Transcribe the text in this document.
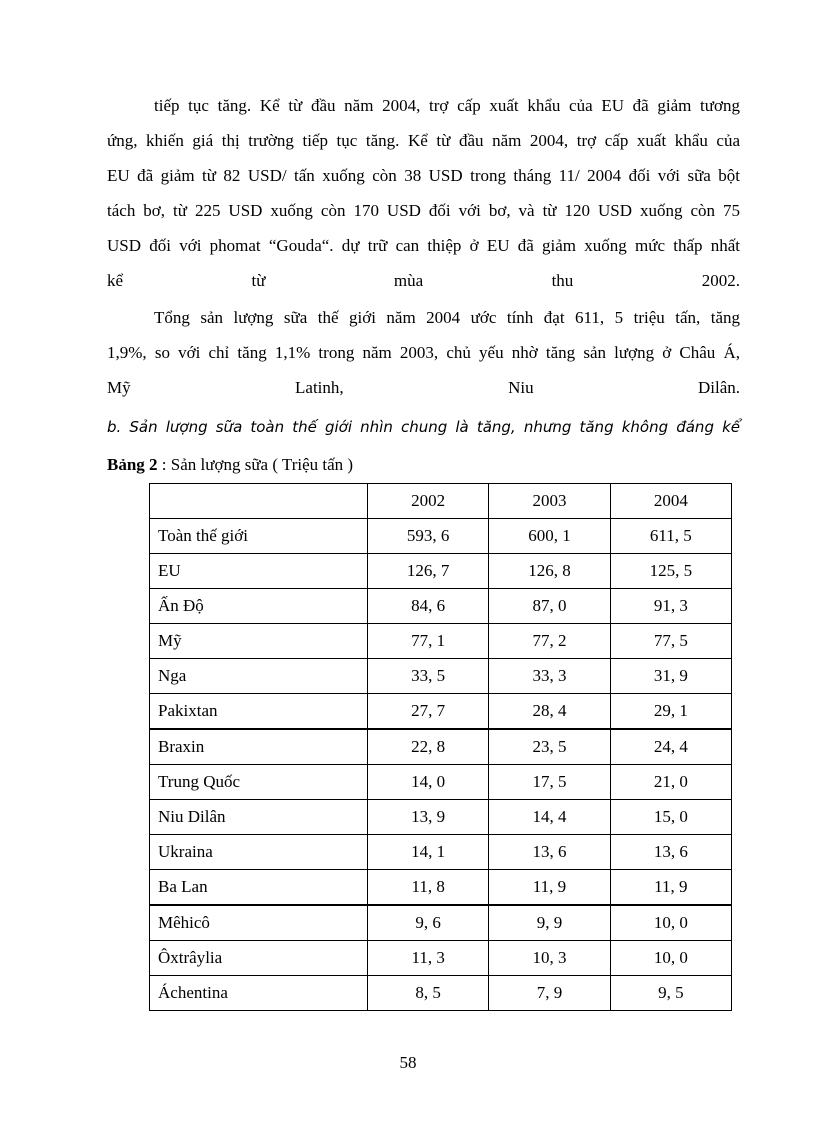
tiếp tục tăng. Kể từ đầu năm 2004, trợ cấp xuất khẩu của EU đã giảm tương
ứng, khiến giá thị trường tiếp tục tăng. Kể từ đầu năm 2004, trợ cấp xuất khẩu của
EU đã giảm từ 82 USD/ tấn xuống còn 38 USD trong tháng 11/ 2004 đối với sữa bột
tách bơ, từ 225 USD xuống còn 170 USD đối với bơ, và từ 120 USD xuống còn 75
USD đối với phomat “Gouda“. dự trữ can thiệp ở EU đã giảm xuống mức thấp nhất
kể từ mùa thu 2002.

Tổng sản lượng sữa thế giới năm 2004 ước tính đạt 611, 5 triệu tấn, tăng
1,9%, so với chỉ tăng 1,1% trong năm 2003, chủ yếu nhờ tăng sản lượng ở Châu Á,
Mỹ Latinh, Niu Dilân.

b. Sản lượng sữa toàn thế giới nhìn chung là tăng, nhưng tăng không đáng kể

Bảng 2 : Sản lượng sữa ( Triệu tấn )

	2002	2003	2004
Toàn thế giới	593, 6	600, 1	611, 5
EU	126, 7	126, 8	125, 5
Ấn Độ	84, 6	87, 0	91, 3
Mỹ	77, 1	77, 2	77, 5
Nga	33, 5	33, 3	31, 9
Pakixtan	27, 7	28, 4	29, 1
Braxin	22, 8	23, 5	24, 4
Trung Quốc	14, 0	17, 5	21, 0
Niu Dilân	13, 9	14, 4	15, 0
Ukraina	14, 1	13, 6	13, 6
Ba Lan	11, 8	11, 9	11, 9
Mêhicô	9, 6	9, 9	10, 0
Ôxtrâylia	11, 3	10, 3	10, 0
Áchentina	8, 5	7, 9	9, 5

58
